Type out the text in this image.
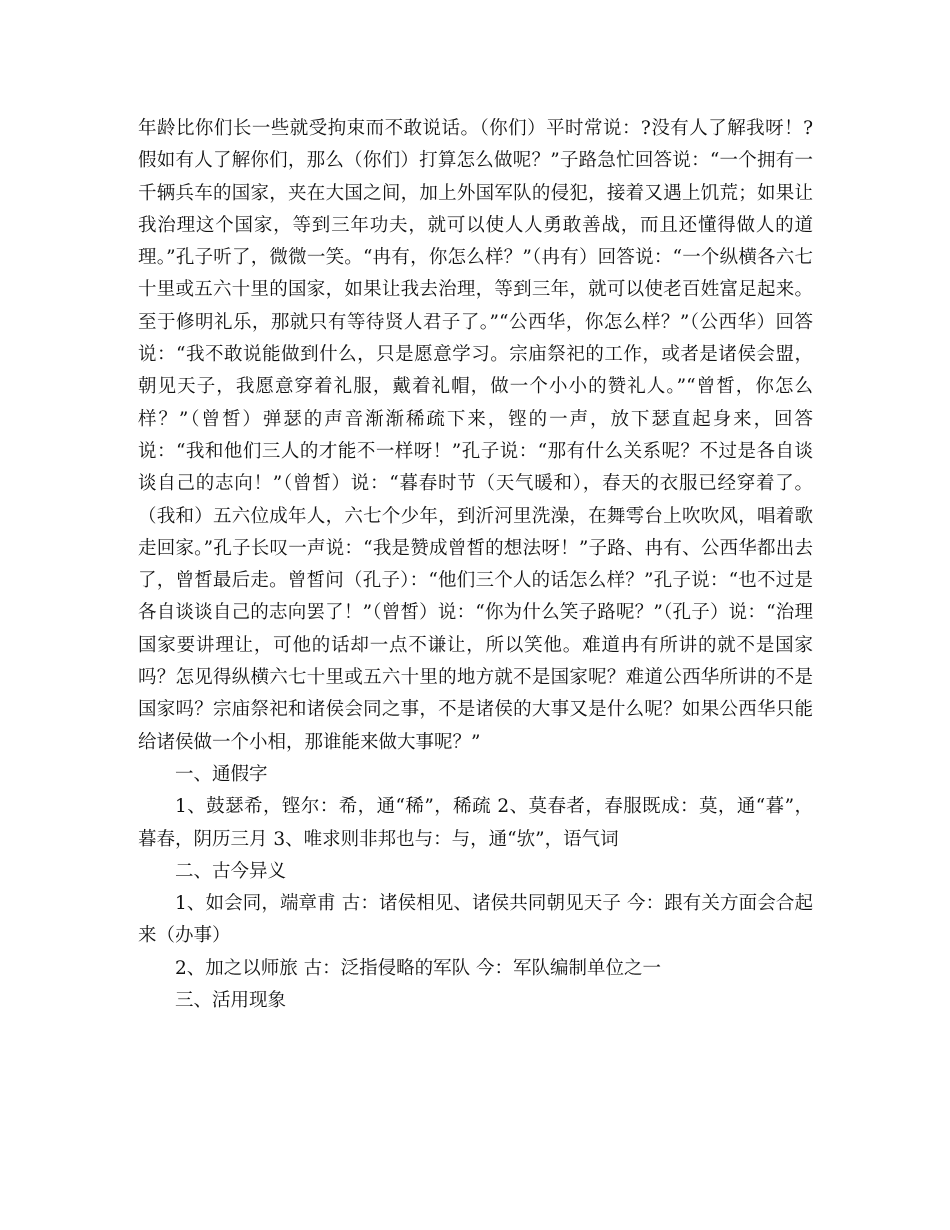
年龄比你们长一些就受拘束而不敢说话。（你们）平时常说：?没有人了解我呀！?假如有人了解你们，那么（你们）打算怎么做呢？”子路急忙回答说：“一个拥有一千辆兵车的国家，夹在大国之间，加上外国军队的侵犯，接着又遇上饥荒；如果让我治理这个国家，等到三年功夫，就可以使人人勇敢善战，而且还懂得做人的道理。”孔子听了，微微一笑。“冉有，你怎么样？”（冉有）回答说：“一个纵横各六七十里或五六十里的国家，如果让我去治理，等到三年，就可以使老百姓富足起来。至于修明礼乐，那就只有等待贤人君子了。”“公西华，你怎么样？”（公西华）回答说：“我不敢说能做到什么，只是愿意学习。宗庙祭祀的工作，或者是诸侯会盟，朝见天子，我愿意穿着礼服，戴着礼帽，做一个小小的赞礼人。”“曾皙，你怎么样？”（曾皙）弹瑟的声音渐渐稀疏下来，铿的一声，放下瑟直起身来，回答说：“我和他们三人的才能不一样呀！”孔子说：“那有什么关系呢？不过是各自谈谈自己的志向！”（曾皙）说：“暮春时节（天气暖和），春天的衣服已经穿着了。（我和）五六位成年人，六七个少年，到沂河里洗澡，在舞雩台上吹吹风，唱着歌走回家。”孔子长叹一声说：“我是赞成曾皙的想法呀！”子路、冉有、公西华都出去了，曾皙最后走。曾皙问（孔子）：“他们三个人的话怎么样？”孔子说：“也不过是各自谈谈自己的志向罢了！”（曾皙）说：“你为什么笑子路呢？”（孔子）说：“治理国家要讲理让，可他的话却一点不谦让，所以笑他。难道冉有所讲的就不是国家吗？怎见得纵横六七十里或五六十里的地方就不是国家呢？难道公西华所讲的不是国家吗？宗庙祭祀和诸侯会同之事，不是诸侯的大事又是什么呢？如果公西华只能给诸侯做一个小相，那谁能来做大事呢？”

一、通假字

1、鼓瑟希，铿尔：希，通“稀”，稀疏 2、莫春者，春服既成：莫，通“暮”，暮春，阴历三月 3、唯求则非邦也与：与，通“欤”，语气词

二、古今异义

1、如会同，端章甫 古：诸侯相见、诸侯共同朝见天子 今：跟有关方面会合起来（办事）

2、加之以师旅 古：泛指侵略的军队 今：军队编制单位之一

三、活用现象
